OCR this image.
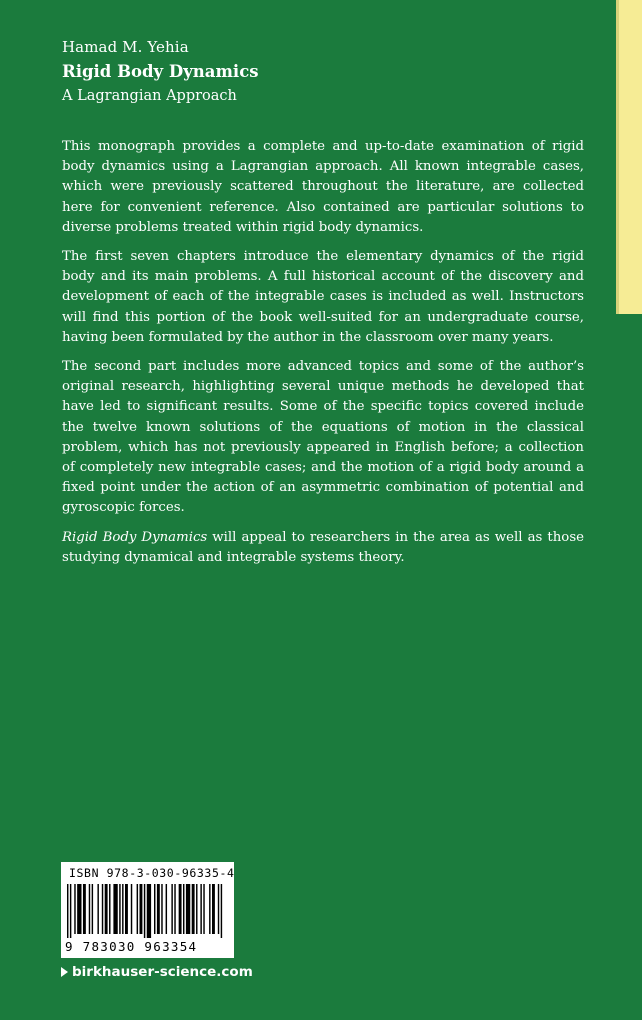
Hamad M. Yehia
Rigid Body Dynamics
A Lagrangian Approach

This monograph provides a complete and up-to-date examination of rigid body dynamics using a Lagrangian approach. All known integrable cases, which were previously scattered throughout the literature, are collected here for convenient reference. Also contained are particular solutions to diverse problems treated within rigid body dynamics.

The first seven chapters introduce the elementary dynamics of the rigid body and its main problems. A full historical account of the discovery and development of each of the integrable cases is included as well. Instructors will find this portion of the book well-suited for an undergraduate course, having been formulated by the author in the classroom over many years.

The second part includes more advanced topics and some of the author’s original research, highlighting several unique methods he developed that have led to significant results. Some of the specific topics covered include the twelve known solutions of the equations of motion in the classical problem, which has not previously appeared in English before; a collection of completely new integrable cases; and the motion of a rigid body around a fixed point under the action of an asymmetric combination of potential and gyroscopic forces.

Rigid Body Dynamics will appeal to researchers in the area as well as those studying dynamical and integrable systems theory.

ISBN 978-3-030-96335-4
9 783030 963354
birkhauser-science.com
